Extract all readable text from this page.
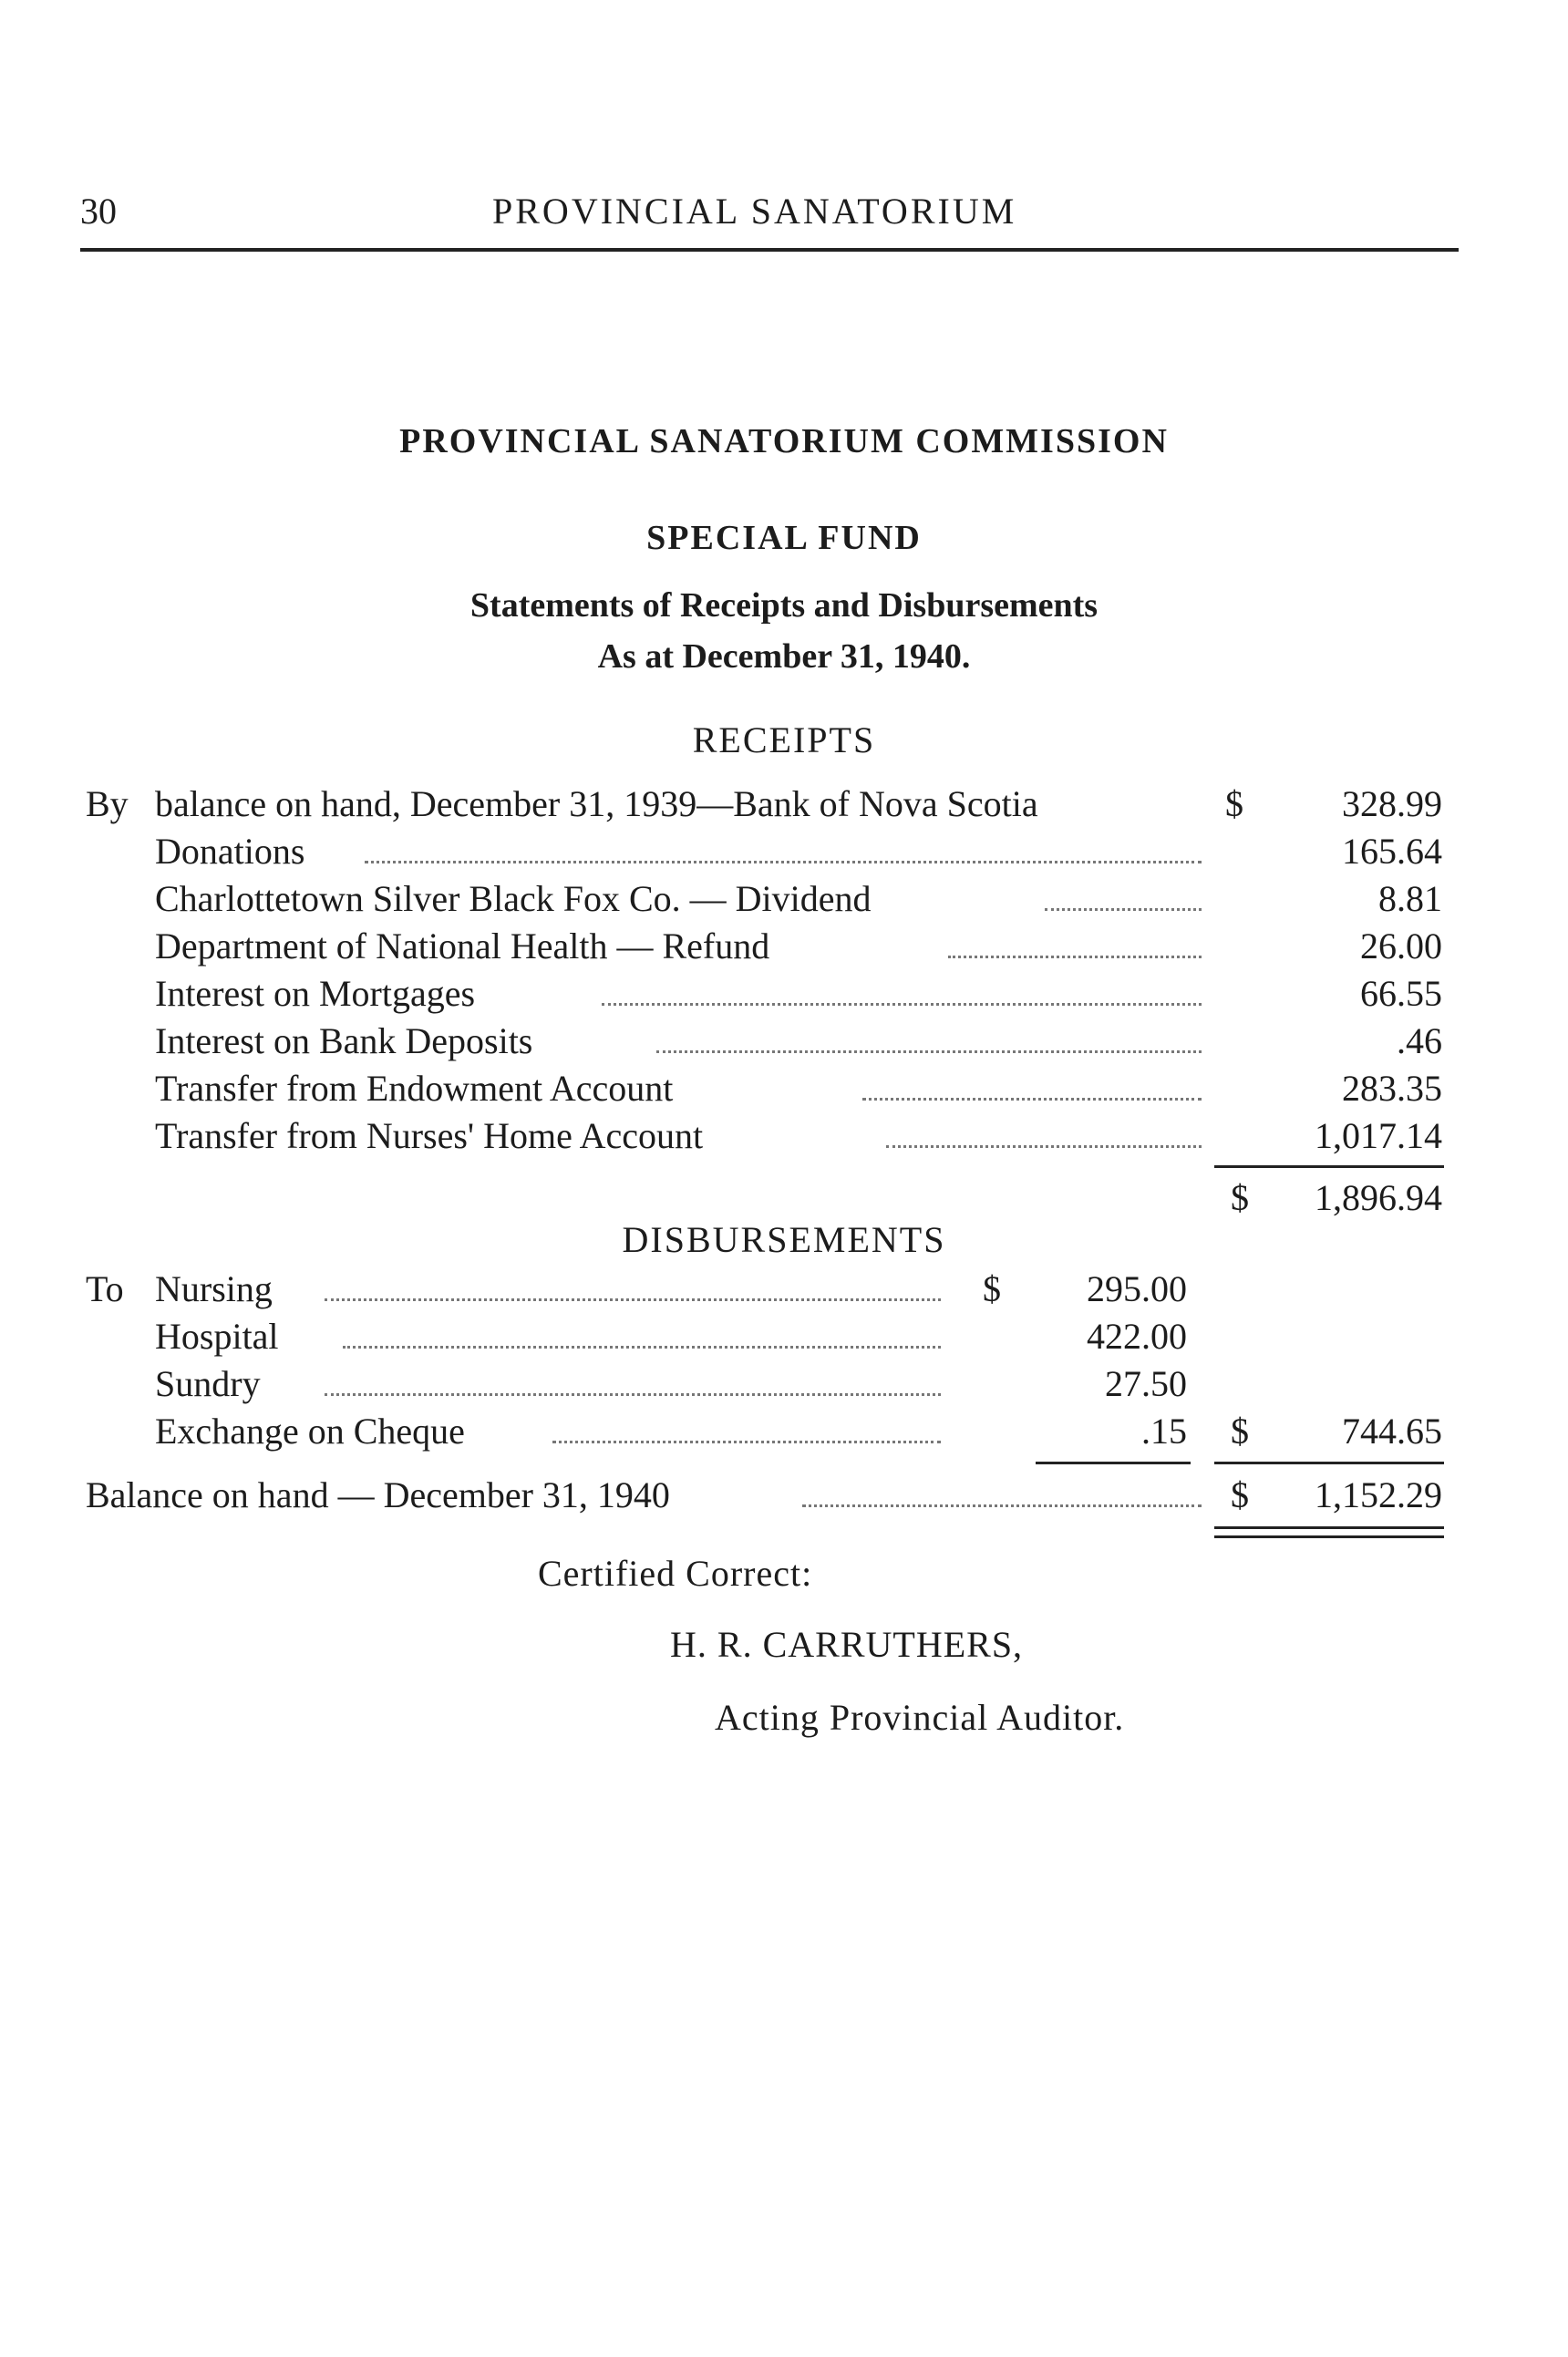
30	PROVINCIAL SANATORIUM
PROVINCIAL SANATORIUM COMMISSION
SPECIAL FUND
Statements of Receipts and Disbursements
As at December 31, 1940.
RECEIPTS
By balance on hand, December 31, 1939—Bank of Nova Scotia	$	328.99
Donations	165.64
Charlottetown Silver Black Fox Co. — Dividend	8.81
Department of National Health — Refund	26.00
Interest on Mortgages	66.55
Interest on Bank Deposits	.46
Transfer from Endowment Account	283.35
Transfer from Nurses' Home Account	1,017.14
$	1,896.94
DISBURSEMENTS
To Nursing	$	295.00
Hospital	422.00
Sundry	27.50
Exchange on Cheque	.15 $	744.65
Balance on hand — December 31, 1940	$	1,152.29
Certified Correct:
H. R. CARRUTHERS,
Acting Provincial Auditor.
